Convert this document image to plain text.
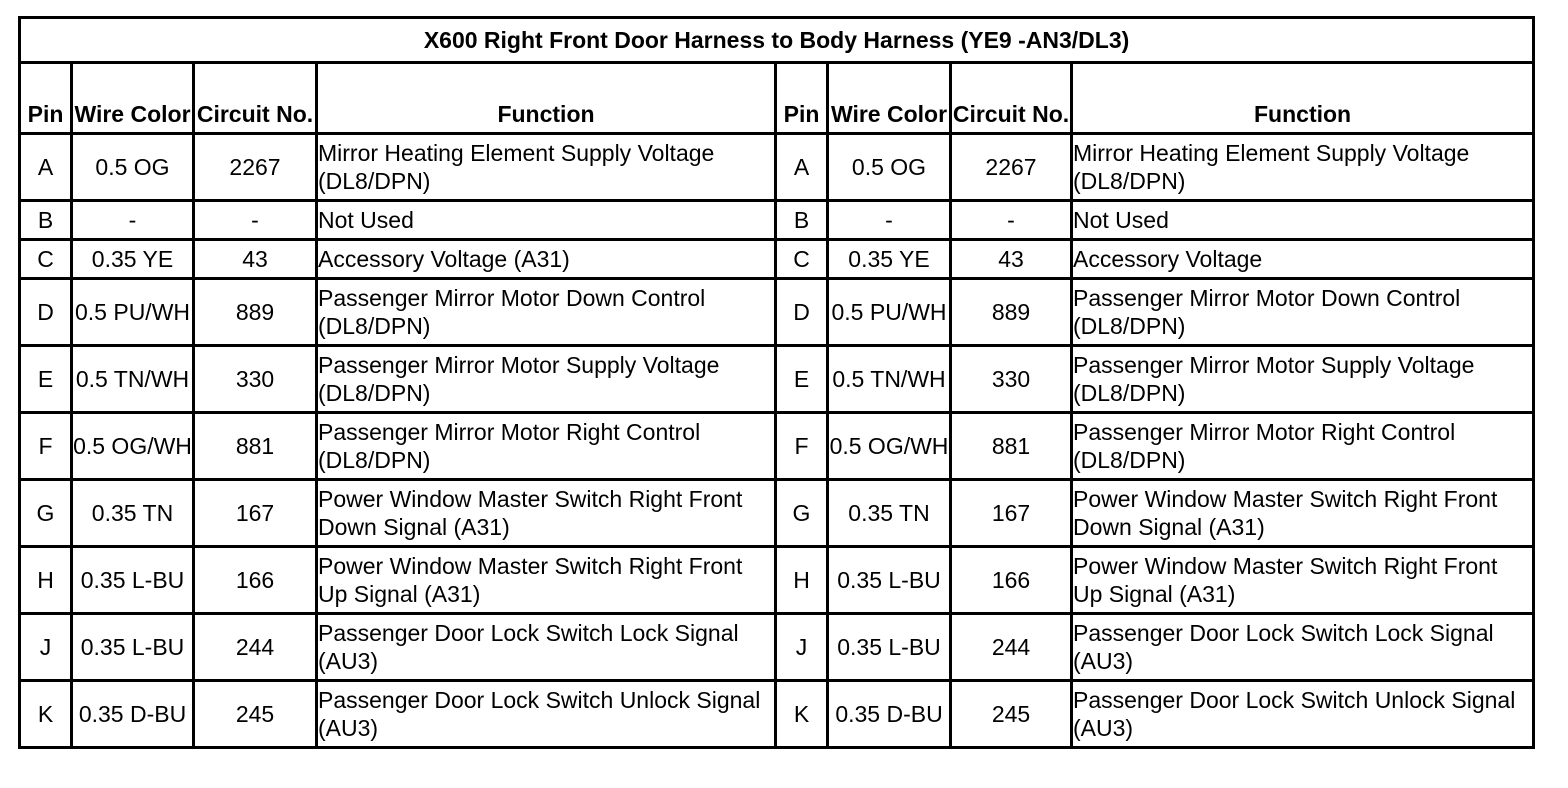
X600 Right Front Door Harness to Body Harness (YE9 -AN3/DL3)							
Pin	Wire Color	Circuit No.	Function	Pin	Wire Color	Circuit No.	Function
A	0.5 OG	2267	Mirror Heating Element Supply Voltage (DL8/DPN)	A	0.5 OG	2267	Mirror Heating Element Supply Voltage (DL8/DPN)
B	-	-	Not Used	B	-	-	Not Used
C	0.35 YE	43	Accessory Voltage (A31)	C	0.35 YE	43	Accessory Voltage
D	0.5 PU/WH	889	Passenger Mirror Motor Down Control (DL8/DPN)	D	0.5 PU/WH	889	Passenger Mirror Motor Down Control (DL8/DPN)
E	0.5 TN/WH	330	Passenger Mirror Motor Supply Voltage (DL8/DPN)	E	0.5 TN/WH	330	Passenger Mirror Motor Supply Voltage (DL8/DPN)
F	0.5 OG/WH	881	Passenger Mirror Motor Right Control (DL8/DPN)	F	0.5 OG/WH	881	Passenger Mirror Motor Right Control (DL8/DPN)
G	0.35 TN	167	Power Window Master Switch Right Front Down Signal (A31)	G	0.35 TN	167	Power Window Master Switch Right Front Down Signal (A31)
H	0.35 L-BU	166	Power Window Master Switch Right Front Up Signal (A31)	H	0.35 L-BU	166	Power Window Master Switch Right Front Up Signal (A31)
J	0.35 L-BU	244	Passenger Door Lock Switch Lock Signal (AU3)	J	0.35 L-BU	244	Passenger Door Lock Switch Lock Signal (AU3)
K	0.35 D-BU	245	Passenger Door Lock Switch Unlock Signal (AU3)	K	0.35 D-BU	245	Passenger Door Lock Switch Unlock Signal (AU3)
